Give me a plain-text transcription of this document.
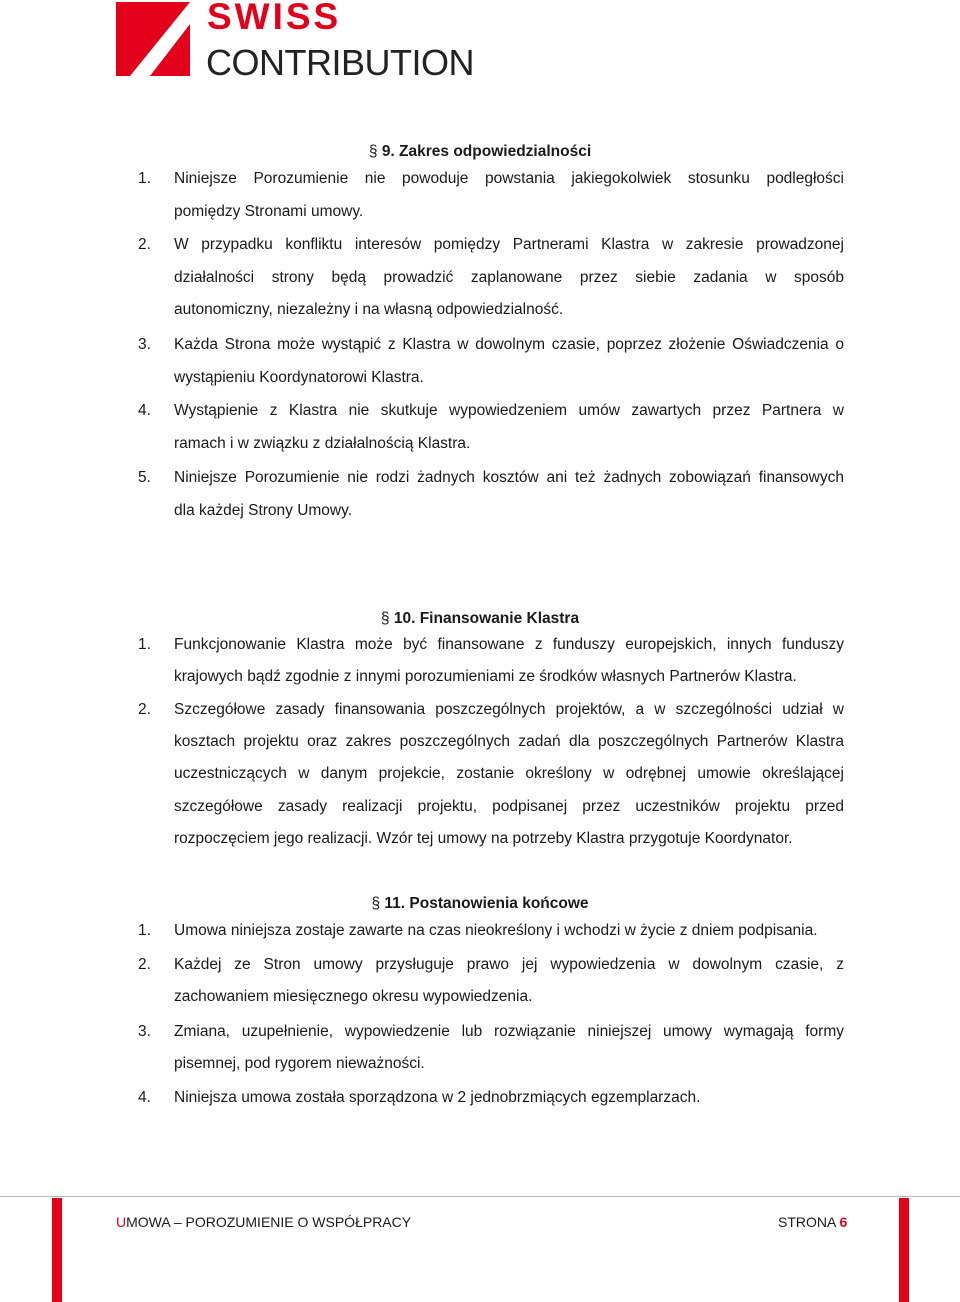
SWISS
CONTRIBUTION
§ 9. Zakres odpowiedzialności
1. Niniejsze Porozumienie nie powoduje powstania jakiegokolwiek stosunku podległości
pomiędzy Stronami umowy.
2. W przypadku konfliktu interesów pomiędzy Partnerami Klastra w zakresie prowadzonej
działalności strony będą prowadzić zaplanowane przez siebie zadania w sposób
autonomiczny, niezależny i na własną odpowiedzialność.
3. Każda Strona może wystąpić z Klastra w dowolnym czasie, poprzez złożenie Oświadczenia o
wystąpieniu Koordynatorowi Klastra.
4. Wystąpienie z Klastra nie skutkuje wypowiedzeniem umów zawartych przez Partnera w
ramach i w związku z działalnością Klastra.
5. Niniejsze Porozumienie nie rodzi żadnych kosztów ani też żadnych zobowiązań finansowych
dla każdej Strony Umowy.
§ 10. Finansowanie Klastra
1. Funkcjonowanie Klastra może być finansowane z funduszy europejskich, innych funduszy
krajowych bądź zgodnie z innymi porozumieniami ze środków własnych Partnerów Klastra.
2. Szczegółowe zasady finansowania poszczególnych projektów, a w szczególności udział w
kosztach projektu oraz zakres poszczególnych zadań dla poszczególnych Partnerów Klastra
uczestniczących w danym projekcie, zostanie określony w odrębnej umowie określającej
szczegółowe zasady realizacji projektu, podpisanej przez uczestników projektu przed
rozpoczęciem jego realizacji. Wzór tej umowy na potrzeby Klastra przygotuje Koordynator.
§ 11. Postanowienia końcowe
1. Umowa niniejsza zostaje zawarte na czas nieokreślony i wchodzi w życie z dniem podpisania.
2. Każdej ze Stron umowy przysługuje prawo jej wypowiedzenia w dowolnym czasie, z
zachowaniem miesięcznego okresu wypowiedzenia.
3. Zmiana, uzupełnienie, wypowiedzenie lub rozwiązanie niniejszej umowy wymagają formy
pisemnej, pod rygorem nieważności.
4. Niniejsza umowa została sporządzona w 2 jednobrzmiących egzemplarzach.
UMOWA – POROZUMIENIE O WSPÓŁPRACY	STRONA 6
